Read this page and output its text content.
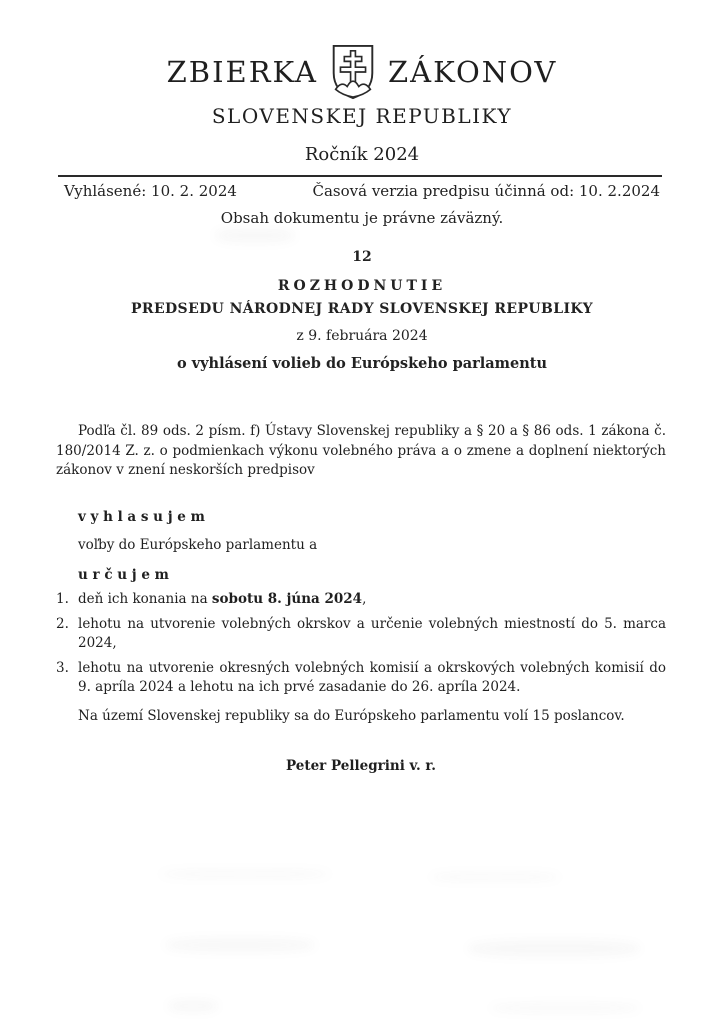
ZBIERKA ZÁKONOV
SLOVENSKEJ REPUBLIKY
Ročník 2024
Vyhlásené: 10. 2. 2024	Časová verzia predpisu účinná od: 10. 2.2024
Obsah dokumentu je právne záväzný.
12
ROZHODNUTIE
PREDSEDU NÁRODNEJ RADY SLOVENSKEJ REPUBLIKY
z 9. februára 2024
o vyhlásení volieb do Európskeho parlamentu

Podľa čl. 89 ods. 2 písm. f) Ústavy Slovenskej republiky a § 20 a § 86 ods. 1 zákona č. 180/2014 Z. z. o podmienkach výkonu volebného práva a o zmene a doplnení niektorých zákonov v znení neskorších predpisov

v y h l a s u j e m

voľby do Európskeho parlamentu a

u r č u j e m

1. deň ich konania na sobotu 8. júna 2024,
2. lehotu na utvorenie volebných okrskov a určenie volebných miestností do 5. marca 2024,
3. lehotu na utvorenie okresných volebných komisií a okrskových volebných komisií do 9. apríla 2024 a lehotu na ich prvé zasadanie do 26. apríla 2024.

Na území Slovenskej republiky sa do Európskeho parlamentu volí 15 poslancov.

Peter Pellegrini v. r.
